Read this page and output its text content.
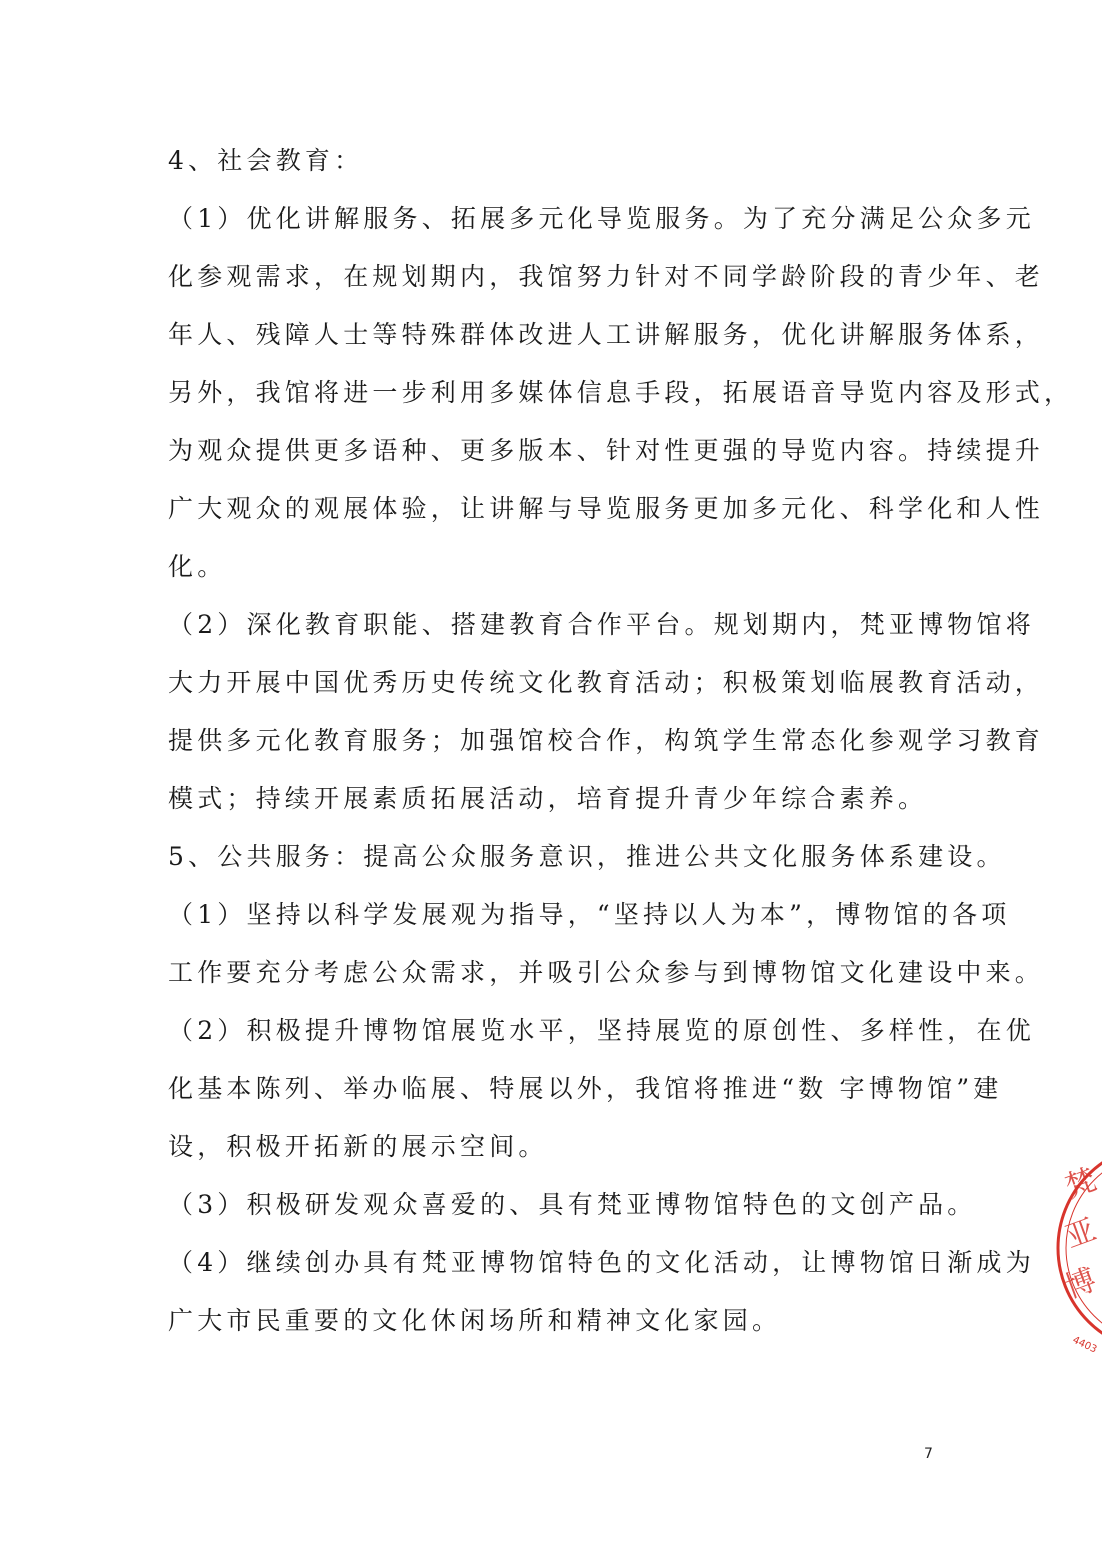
4、社会教育：
（1）优化讲解服务、拓展多元化导览服务。为了充分满足公众多元
化参观需求，在规划期内，我馆努力针对不同学龄阶段的青少年、老
年人、残障人士等特殊群体改进人工讲解服务，优化讲解服务体系，
另外，我馆将进一步利用多媒体信息手段，拓展语音导览内容及形式，
为观众提供更多语种、更多版本、针对性更强的导览内容。持续提升
广大观众的观展体验，让讲解与导览服务更加多元化、科学化和人性
化。
（2）深化教育职能、搭建教育合作平台。规划期内，梵亚博物馆将
大力开展中国优秀历史传统文化教育活动；积极策划临展教育活动，
提供多元化教育服务；加强馆校合作，构筑学生常态化参观学习教育
模式；持续开展素质拓展活动，培育提升青少年综合素养。
5、公共服务：提高公众服务意识，推进公共文化服务体系建设。
（1）坚持以科学发展观为指导，“坚持以人为本”，博物馆的各项
工作要充分考虑公众需求，并吸引公众参与到博物馆文化建设中来。
（2）积极提升博物馆展览水平，坚持展览的原创性、多样性，在优
化基本陈列、举办临展、特展以外，我馆将推进“数 字博物馆”建
设，积极开拓新的展示空间。
（3）积极研发观众喜爱的、具有梵亚博物馆特色的文创产品。
（4）继续创办具有梵亚博物馆特色的文化活动，让博物馆日渐成为
广大市民重要的文化休闲场所和精神文化家园。
梵
亚
博
4403
7
